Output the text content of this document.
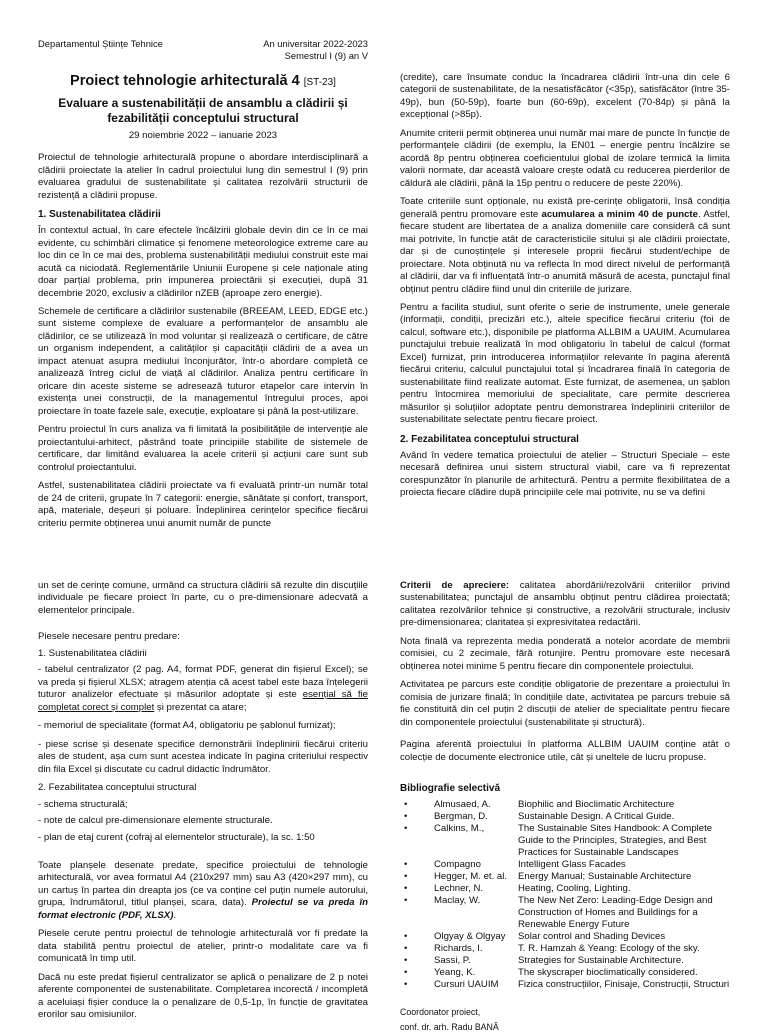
Departamentul Științe Tehnice	An universitar 2022-2023
Semestrul I (9) an V
Proiect tehnologie arhitecturală 4 [ST-23]
Evaluare a sustenabilității de ansamblu a clădirii și fezabilității conceptului structural
29 noiembrie 2022 – ianuarie 2023

Proiectul de tehnologie arhitecturală propune o abordare interdisciplinară a clădirii proiectate la atelier în cadrul proiectului lung din semestrul I (9) prin evaluarea gradului de sustenabilitate și calitatea rezolvării structurii de rezistență a clădirii propuse.

1. Sustenabilitatea clădirii

În contextul actual, în care efectele încălzirii globale devin din ce în ce mai evidente, cu schimbări climatice și fenomene meteorologice extreme care au loc din ce în ce mai des, problema sustenabilității mediului construit este mai acută ca niciodată. Reglementările Uniunii Europene și cele naționale ating doar parțial problema, prin impunerea proiectării și execuției, după 31 decembrie 2020, exclusiv a clădirilor nZEB (aproape zero energie).

Schemele de certificare a clădirilor sustenabile (BREEAM, LEED, EDGE etc.) sunt sisteme complexe de evaluare a performanțelor de ansamblu ale clădirilor, ce se utilizează în mod voluntar și realizează o certificare, de către un organism independent, a calităților și capacității clădirii de a avea un impact atenuat asupra mediului înconjurător, într-o abordare completă ce analizează întreg ciclul de viață al clădirilor. Analiza pentru certificare în oricare din aceste sisteme se adresează tuturor etapelor care intervin în existența unei construcții, de la managementul întregului proces, apoi proiectare în toate fazele sale, execuție, exploatare și până la post-utilizare.

Pentru proiectul în curs analiza va fi limitată la posibilitățile de intervenție ale proiectantului-arhitect, păstrând toate principiile stabilite de sistemele de certificare, dar limitând evaluarea la acele criterii și acțiuni care sunt sub controlul proiectantului.

Astfel, sustenabilitatea clădirii proiectate va fi evaluată printr-un număr total de 24 de criterii, grupate în 7 categorii: energie, sănătate și confort, transport, apă, materiale, deșeuri și poluare. Îndeplinirea cerințelor specifice fiecărui criteriu permite obținerea unui anumit număr de puncte

(credite), care însumate conduc la încadrarea clădirii într-una din cele 6 categorii de sustenabilitate, de la nesatisfăcător (<35p), satisfăcător (între 35-49p), bun (50-59p), foarte bun (60-69p), excelent (70-84p) și până la excepțional (>85p).

Anumite criterii permit obținerea unui număr mai mare de puncte în funcție de performanțele clădirii (de exemplu, la EN01 – energie pentru încălzire se acordă 8p pentru obținerea coeficientului global de izolare termică la limita valorii normate, dar această valoare crește odată cu reducerea pierderilor de căldură ale clădirii, până la 15p pentru o reducere de peste 220%).

Toate criteriile sunt opționale, nu există pre-cerințe obligatorii, însă condiția generală pentru promovare este acumularea a minim 40 de puncte. Astfel, fiecare student are libertatea de a analiza domeniile care consideră că sunt mai potrivite, în funcție atât de caracteristicile sitului și ale clădirii proiectate, dar și de cunoștințele și interesele proprii fiecărui student/echipe de proiectare. Nota obținută nu va reflecta în mod direct nivelul de performanță al clădirii, dar va fi influențată într-o anumită măsură de acesta, punctajul final obținut pentru clădire fiind unul din criteriile de jurizare.

Pentru a facilita studiul, sunt oferite o serie de instrumente, unele generale (informații, condiții, precizări etc.), altele specifice fiecărui criteriu (foi de calcul, software etc.), disponibile pe platforma ALLBIM a UAUIM. Acumularea punctajului trebuie realizată în mod obligatoriu în tabelul de calcul (format Excel) furnizat, prin introducerea informațiilor relevante în pagina aferentă fiecărui criteriu, calculul punctajului total și încadrarea finală în categoria de sustenabilitate fiind realizate automat. Este furnizat, de asemenea, un șablon pentru întocmirea memoriului de specialitate, care permite descrierea măsurilor și soluțiilor adoptate pentru demonstrarea îndeplinirii criteriilor de sustenabilitate selectate pentru fiecare proiect.

2. Fezabilitatea conceptului structural

Având în vedere tematica proiectului de atelier – Structuri Speciale – este necesară definirea unui sistem structural viabil, care va fi reprezentat corespunzător în planurile de arhitectură. Pentru a permite flexibilitatea de a proiecta fiecare clădire după principiile cele mai potrivite, nu se va defini

un set de cerințe comune, urmând ca structura clădirii să rezulte din discuțiile individuale pe fiecare proiect în parte, cu o pre-dimensionare adecvată a elementelor principale.

Piesele necesare pentru predare:

1. Sustenabilitatea clădirii

- tabelul centralizator (2 pag. A4, format PDF, generat din fișierul Excel); se va preda și fișierul XLSX; atragem atenția că acest tabel este baza înțelegerii tuturor analizelor efectuate și măsurilor adoptate și este esențial să fie completat corect și complet și prezentat ca atare;

- memoriul de specialitate (format A4, obligatoriu pe șablonul furnizat);

- piese scrise și desenate specifice demonstrării îndeplinirii fiecărui criteriu ales de student, așa cum sunt acestea indicate în pagina criteriului respectiv din fila Excel și discutate cu cadrul didactic îndrumător.

2. Fezabilitatea conceptului structural

- schema structurală;

- note de calcul pre-dimensionare elemente structurale.

- plan de etaj curent (cofraj al elementelor structurale), la sc. 1:50

Toate planșele desenate predate, specifice proiectului de tehnologie arhitecturală, vor avea formatul A4 (210x297 mm) sau A3 (420×297 mm), cu un cartuș în partea din dreapta jos (ce va conține cel puțin numele autorului, grupa, îndrumătorul, titlul planșei, scara, data). Proiectul se va preda în format electronic (PDF, XLSX).

Piesele cerute pentru proiectul de tehnologie arhitecturală vor fi predate la data stabilită pentru proiectul de atelier, printr-o modalitate care va fi comunicată în timp util.

Dacă nu este predat fișierul centralizator se aplică o penalizare de 2 p notei aferente componentei de sustenabilitate. Completarea incorectă / incompletă a aceluiași fișier conduce la o penalizare de 0,5-1p, în funcție de gravitatea erorilor sau omisiunilor.

Criterii de apreciere: calitatea abordării/rezolvării criteriilor privind sustenabilitatea; punctajul de ansamblu obținut pentru clădirea proiectată; calitatea rezolvărilor tehnice și constructive, a rezolvării structurale, inclusiv pre-dimensionarea; claritatea și expresivitatea redactării.

Nota finală va reprezenta media ponderată a notelor acordate de membrii comisiei, cu 2 zecimale, fără rotunjire. Pentru promovare este necesară obținerea notei minime 5 pentru fiecare din componentele proiectului.

Activitatea pe parcurs este condiție obligatorie de prezentare a proiectului în comisia de jurizare finală; în condițiile date, activitatea pe parcurs trebuie să fie constituită din cel puțin 2 discuții de atelier de specialitate pentru fiecare din componentele proiectului (sustenabilitate și structură).

Pagina aferentă proiectului în platforma ALLBIM UAUIM conține atât o colecție de documente electronice utile, cât și uneltele de lucru propuse.

Bibliografie selectivă
•	Almusaed, A.	Biophilic and Bioclimatic Architecture
•	Bergman, D.	Sustainable Design. A Critical Guide.
•	Calkins, M.,	The Sustainable Sites Handbook: A Complete Guide to the Principles, Strategies, and Best Practices for Sustainable Landscapes
•	Compagno	Intelligent Glass Facades
•	Hegger, M. et. al.	Energy Manual; Sustainable Architecture
•	Lechner, N.	Heating, Cooling, Lighting.
•	Maclay, W.	The New Net Zero: Leading-Edge Design and Construction of Homes and Buildings for a Renewable Energy Future
•	Olgyay & Olgyay	Solar control and Shading Devices
•	Richards, I.	T. R. Hamzah & Yeang: Ecology of the sky.
•	Sassi, P.	Strategies for Sustainable Architecture.
•	Yeang, K.	The skyscraper bioclimatically considered.
•	Cursuri UAUIM	Fizica construcțiilor, Finisaje, Construcții, Structuri
Coordonator proiect,
conf. dr. arh. Radu BANĂ
